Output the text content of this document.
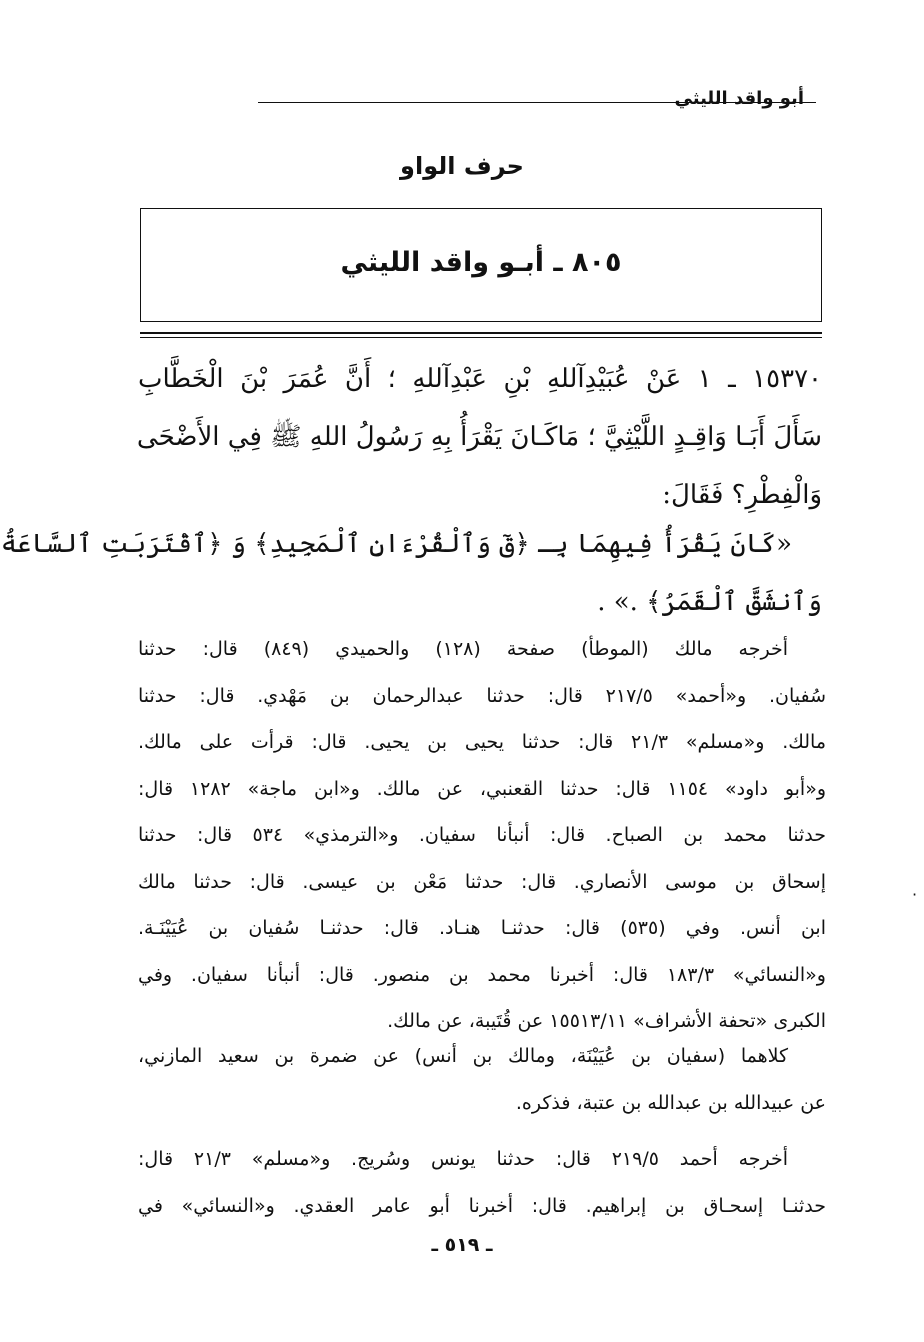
أبو واقد الليثي
حرف الواو
٨٠٥ ـ أبـو واقد الليثي
١٥٣٧٠ ـ ١ عَنْ عُبَيْدِآللهِ بْنِ عَبْدِآللهِ ؛ أَنَّ عُمَرَ بْنَ الْخَطَّابِ
سَأَلَ أَبَـا وَاقِـدٍ اللَّيْثِيَّ ؛ مَاكَـانَ يَقْرَأُ بِهِ رَسُولُ اللهِ ﷺ فِي الأَضْحَى
وَالْفِطْرِ؟ فَقَالَ:
«كَانَ يَقْرَأُ فِيهِمَا بِـ ﴿قٓ وَٱلْقُرْءَانِ ٱلْمَجِيدِ﴾ وَ ﴿ٱقْتَرَبَتِ ٱلسَّاعَةُ
وَٱنشَقَّ ٱلْقَمَرُ﴾ .» .
أخرجه مالك (الموطأ) صفحة (١٢٨) والحميدي (٨٤٩) قال: حدثنا
سُفيان. و«أحمد» ٢١٧/٥ قال: حدثنا عبدالرحمان بن مَهْدي. قال: حدثنا
مالك. و«مسلم» ٢١/٣ قال: حدثنا يحيى بن يحيى. قال: قرأت على مالك.
و«أبو داود» ١١٥٤ قال: حدثنا القعنبي، عن مالك. و«ابن ماجة» ١٢٨٢ قال:
حدثنا محمد بن الصباح. قال: أنبأنا سفيان. و«الترمذي» ٥٣٤ قال: حدثنا
إسحاق بن موسى الأنصاري. قال: حدثنا مَعْن بن عيسى. قال: حدثنا مالك
ابن أنس. وفي (٥٣٥) قال: حدثنـا هنـاد. قال: حدثنـا سُفيان بن عُيَيْنَـة.
و«النسائي» ١٨٣/٣ قال: أخبرنا محمد بن منصور. قال: أنبأنا سفيان. وفي
الكبرى «تحفة الأشراف» ١٥٥١٣/١١ عن قُتَيبة، عن مالك.
كلاهما (سفيان بن عُيَيْنَة، ومالك بن أنس) عن ضمرة بن سعيد المازني،
عن عبيدالله بن عبدالله بن عتبة، فذكره.
أخرجه أحمد ٢١٩/٥ قال: حدثنا يونس وسُريج. و«مسلم» ٢١/٣ قال:
حدثنـا إسحـاق بن إبراهيم. قال: أخبرنا أبو عامر العقدي. و«النسائي» في
ـ ٥١٩ ـ
·
